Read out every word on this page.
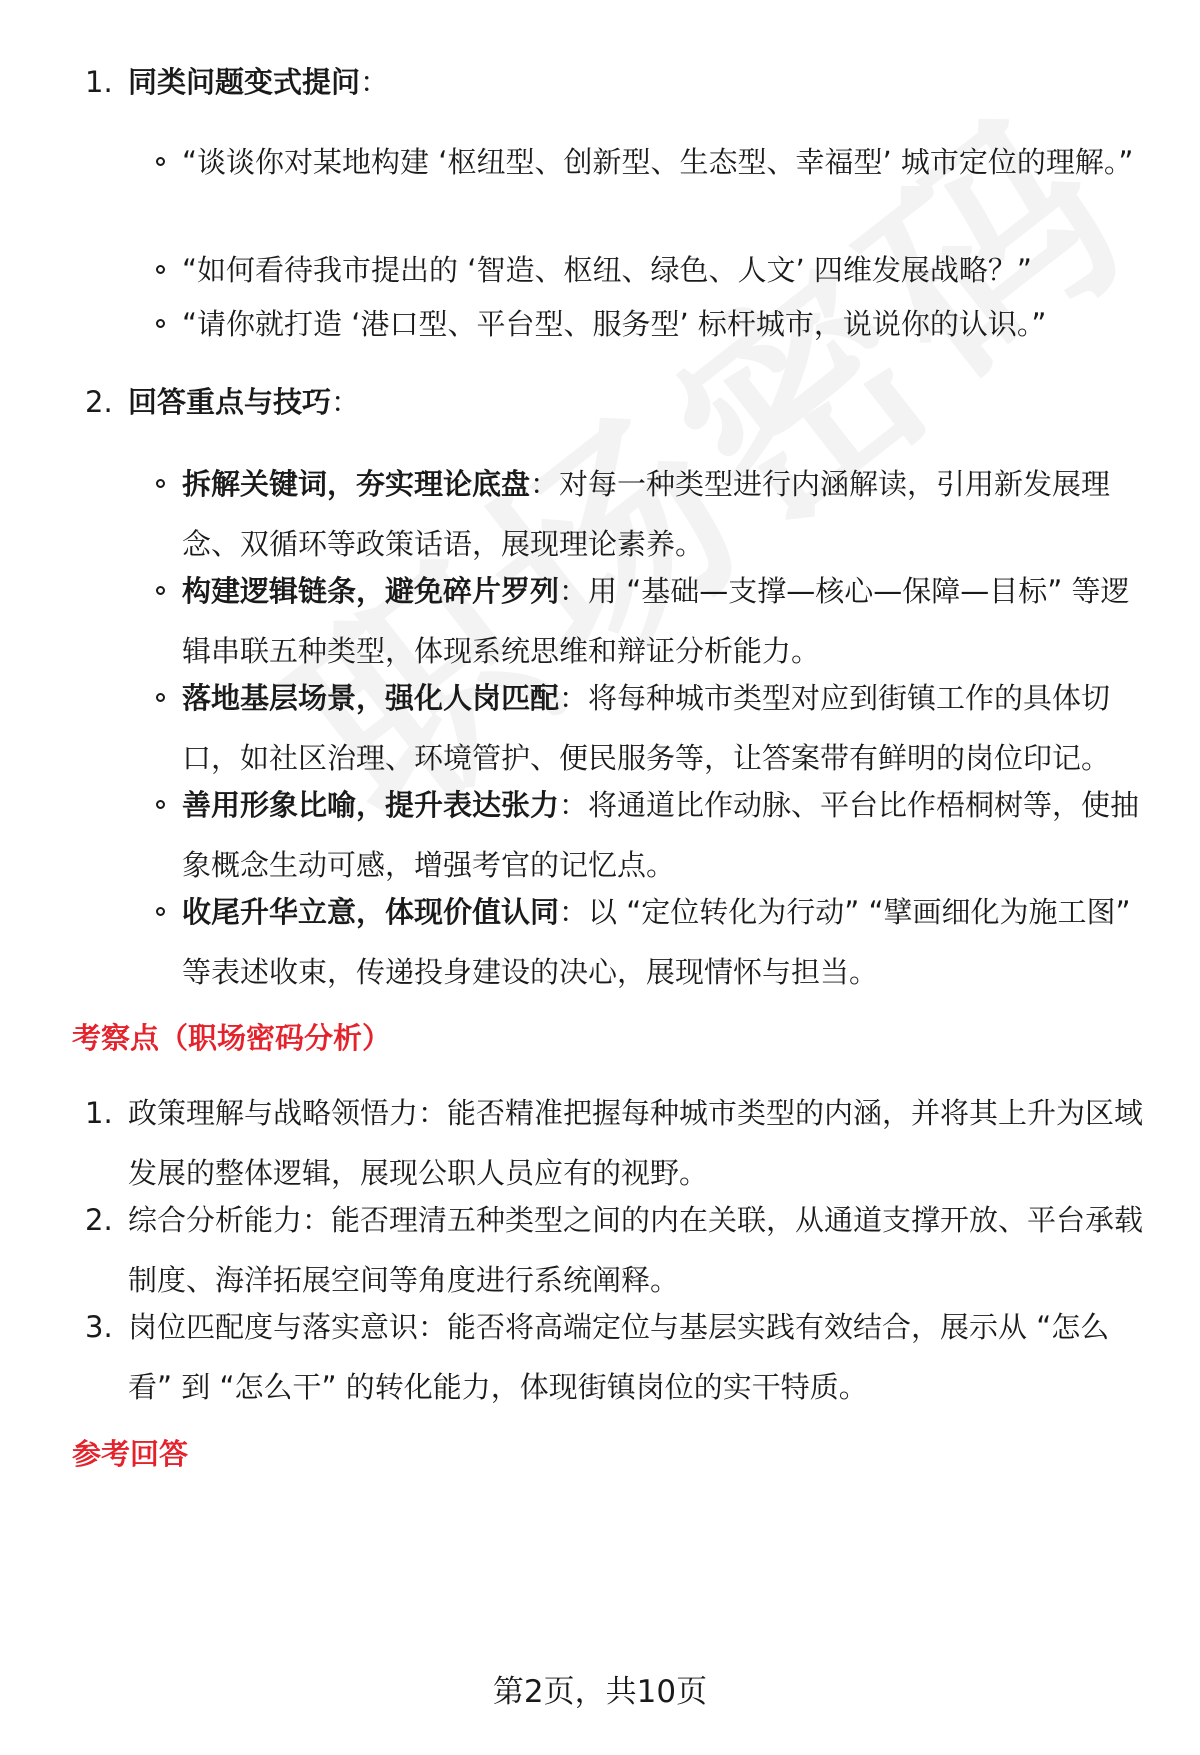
1. 同类问题变式提问：
“谈谈你对某地构建 ‘枢纽型、创新型、生态型、幸福型’ 城市定位的理解。”
“如何看待我市提出的 ‘智造、枢纽、绿色、人文’ 四维发展战略？”
“请你就打造 ‘港口型、平台型、服务型’ 标杆城市，说说你的认识。”
2. 回答重点与技巧：
拆解关键词，夯实理论底盘：对每一种类型进行内涵解读，引用新发展理念、双循环等政策话语，展现理论素养。
构建逻辑链条，避免碎片罗列：用 “基础—支撑—核心—保障—目标” 等逻辑串联五种类型，体现系统思维和辩证分析能力。
落地基层场景，强化人岗匹配：将每种城市类型对应到街镇工作的具体切口，如社区治理、环境管护、便民服务等，让答案带有鲜明的岗位印记。
善用形象比喻，提升表达张力：将通道比作动脉、平台比作梧桐树等，使抽象概念生动可感，增强考官的记忆点。
收尾升华立意，体现价值认同：以 “定位转化为行动” “擘画细化为施工图” 等表述收束，传递投身建设的决心，展现情怀与担当。
考察点（职场密码分析）
1. 政策理解与战略领悟力：能否精准把握每种城市类型的内涵，并将其上升为区域发展的整体逻辑，展现公职人员应有的视野。
2. 综合分析能力：能否理清五种类型之间的内在关联，从通道支撑开放、平台承载制度、海洋拓展空间等角度进行系统阐释。
3. 岗位匹配度与落实意识：能否将高端定位与基层实践有效结合，展示从 “怎么看” 到 “怎么干” 的转化能力，体现街镇岗位的实干特质。
参考回答
第2页，共10页
